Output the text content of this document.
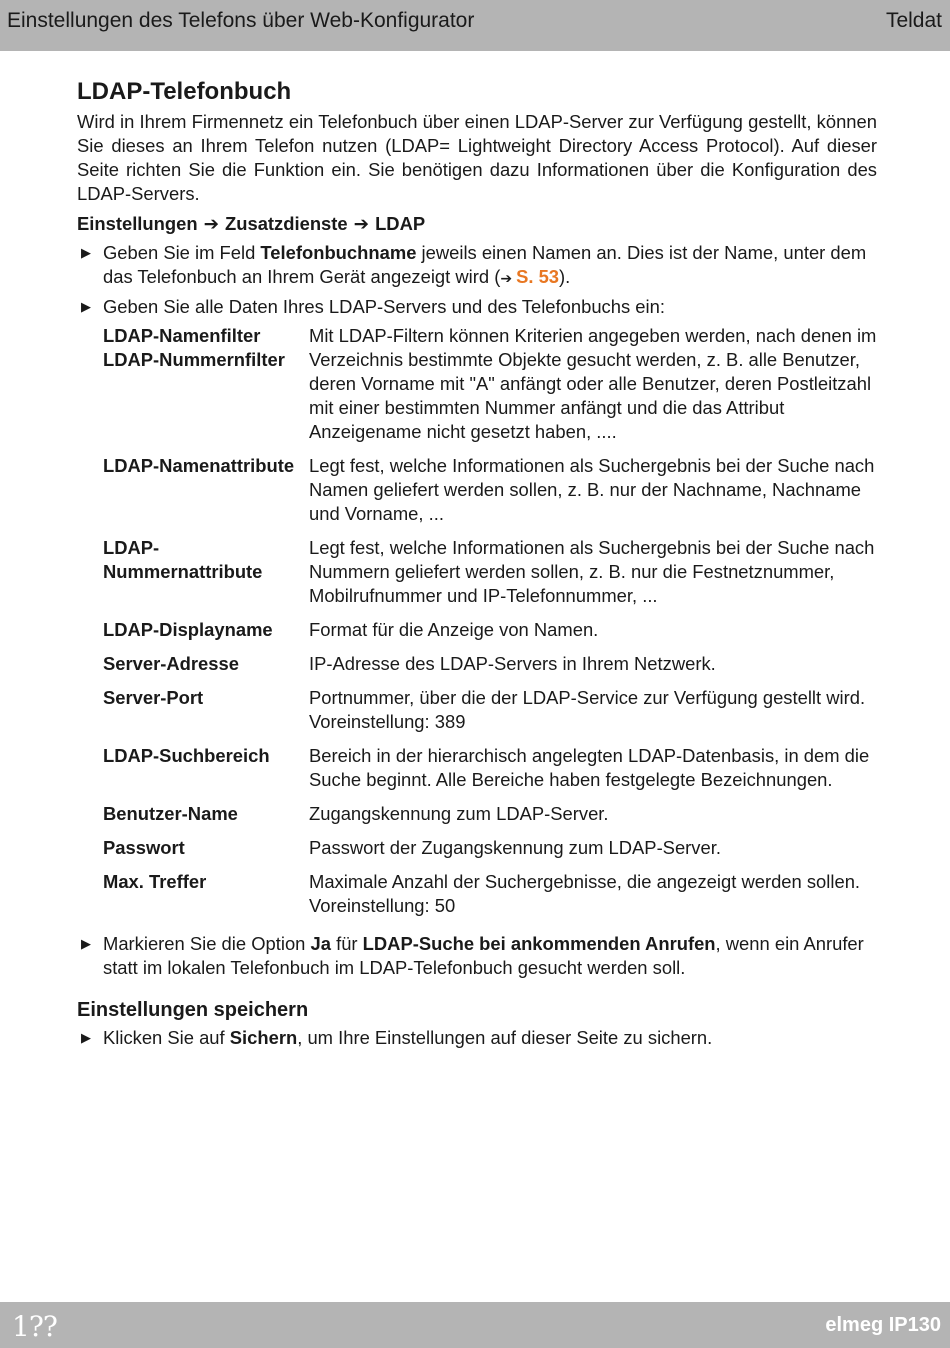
Einstellungen des Telefons über Web-Konfigurator	Teldat
LDAP-Telefonbuch

Wird in Ihrem Firmennetz ein Telefonbuch über einen LDAP-Server zur Verfügung gestellt, können Sie dieses an Ihrem Telefon nutzen (LDAP= Lightweight Directory Access Protocol). Auf dieser Seite richten Sie die Funktion ein. Sie benötigen dazu Informationen über die Konfiguration des LDAP-Servers.

Einstellungen ➔ Zusatzdienste ➔ LDAP

▶ Geben Sie im Feld Telefonbuchname jeweils einen Namen an. Dies ist der Name, unter dem das Telefonbuch an Ihrem Gerät angezeigt wird (➔ S. 53).
▶ Geben Sie alle Daten Ihres LDAP-Servers und des Telefonbuchs ein:
LDAP-Namenfilter
LDAP-Nummernfilter	Mit LDAP-Filtern können Kriterien angegeben werden, nach denen im Verzeichnis bestimmte Objekte gesucht werden, z. B. alle Benutzer, deren Vorname mit "A" anfängt oder alle Benutzer, deren Postleitzahl mit einer bestimmten Nummer anfängt und die das Attribut Anzeigename nicht gesetzt haben, ....
LDAP-Namenattribute	Legt fest, welche Informationen als Suchergebnis bei der Suche nach Namen geliefert werden sollen, z. B. nur der Nachname, Nachname und Vorname, ...
LDAP-Nummernattribute	Legt fest, welche Informationen als Suchergebnis bei der Suche nach Nummern geliefert werden sollen, z. B. nur die Festnetznummer, Mobilrufnummer und IP-Telefonnummer, ...
LDAP-Displayname	Format für die Anzeige von Namen.
Server-Adresse	IP-Adresse des LDAP-Servers in Ihrem Netzwerk.
Server-Port	Portnummer, über die der LDAP-Service zur Verfügung gestellt wird. Voreinstellung: 389
LDAP-Suchbereich	Bereich in der hierarchisch angelegten LDAP-Datenbasis, in dem die Suche beginnt. Alle Bereiche haben festgelegte Bezeichnungen.
Benutzer-Name	Zugangskennung zum LDAP-Server.
Passwort	Passwort der Zugangskennung zum LDAP-Server.
Max. Treffer	Maximale Anzahl der Suchergebnisse, die angezeigt werden sollen. Voreinstellung: 50
▶ Markieren Sie die Option Ja für LDAP-Suche bei ankommenden Anrufen, wenn ein Anrufer statt im lokalen Telefonbuch im LDAP-Telefonbuch gesucht werden soll.
Einstellungen speichern
▶ Klicken Sie auf Sichern, um Ihre Einstellungen auf dieser Seite zu sichern.
1??	elmeg IP130
